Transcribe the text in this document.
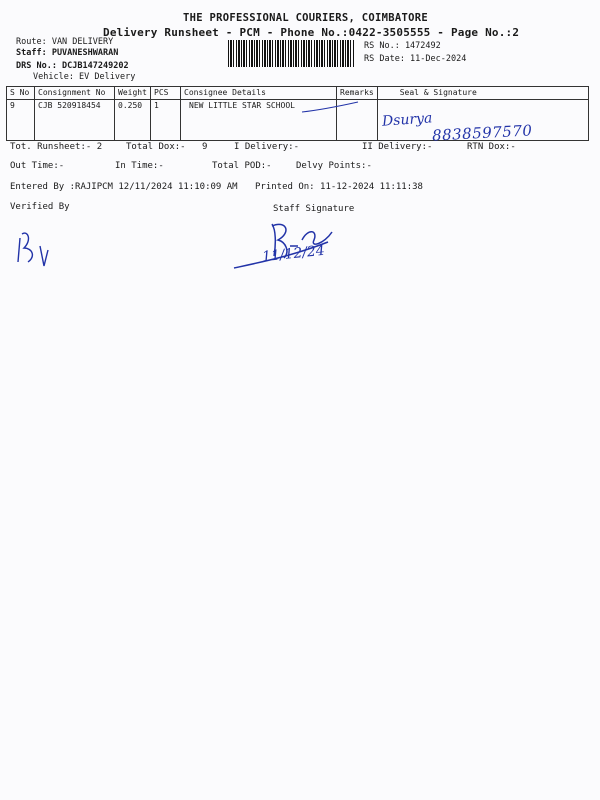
THE PROFESSIONAL COURIERS, COIMBATORE
Delivery Runsheet - PCM - Phone No.:0422-3505555 - Page No.:2
Route: VAN DELIVERY
Staff: PUVANESHWARAN
DRS No.: DCJB147249202
Vehicle: EV Delivery
RS No.: 1472492
RS Date: 11-Dec-2024
S No	Consignment No	Weight	PCS	Consignee Details	Remarks	Seal & Signature
9	CJB 520918454	0.250	1	NEW LITTLE STAR SCHOOL		
Dsurya
8838597570
Tot. Runsheet:- 2	Total Dox:- 9	I Delivery:-	II Delivery:-	RTN Dox:-
Out Time:-	In Time:-	Total POD:-	Delvy Points:-
Entered By :RAJIPCM 12/11/2024 11:10:09 AM Printed On: 11-12-2024 11:11:38
Verified By	Staff Signature
11/12/24
